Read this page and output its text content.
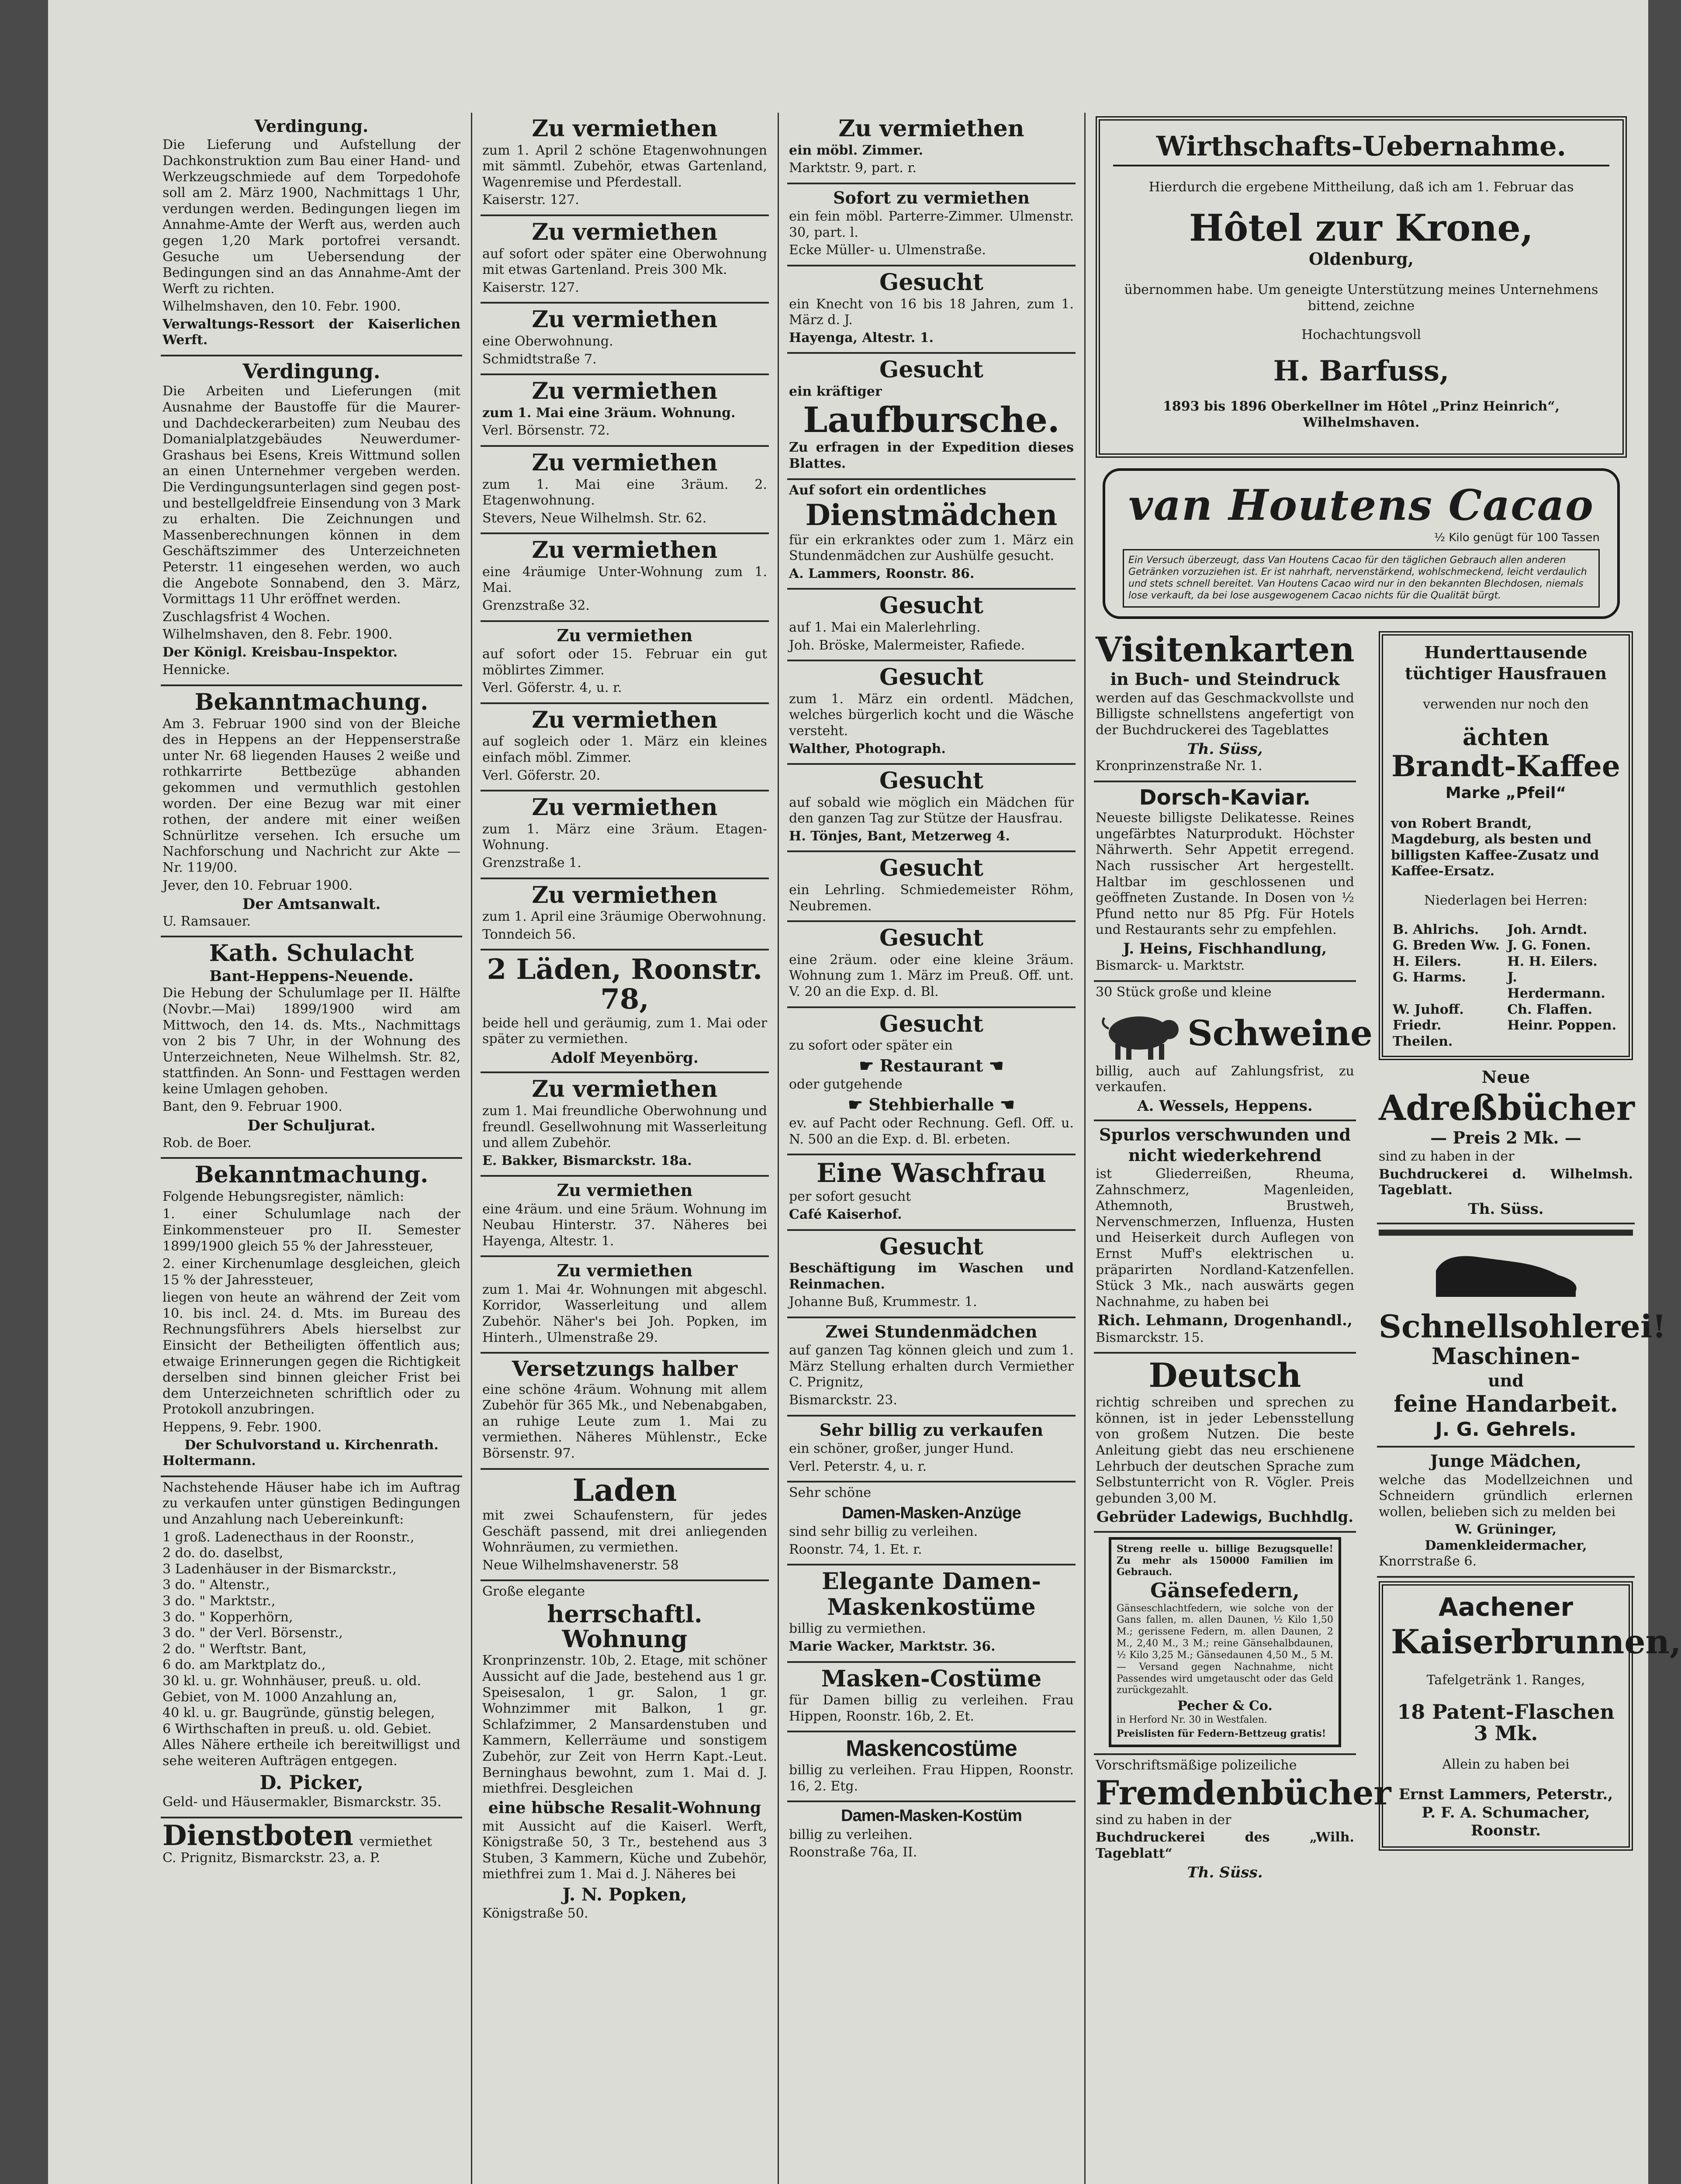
Verdingung.

Die Lieferung und Aufstellung der Dachkonstruktion zum Bau einer Hand- und Werkzeugschmiede auf dem Torpedohofe soll am 2. März 1900, Nachmittags 1 Uhr, verdungen werden. Bedingungen liegen im Annahme-Amte der Werft aus, werden auch gegen 1,20 Mark portofrei versandt. Gesuche um Uebersendung der Bedingungen sind an das Annahme-Amt der Werft zu richten.

Wilhelmshaven, den 10. Febr. 1900.

Verwaltungs-Ressort der Kaiserlichen Werft.

Verdingung.

Die Arbeiten und Lieferungen (mit Ausnahme der Baustoffe für die Maurer- und Dachdeckerarbeiten) zum Neubau des Domanialplatzgebäudes Neuwerdumer-Grashaus bei Esens, Kreis Wittmund sollen an einen Unternehmer vergeben werden. Die Verdingungsunterlagen sind gegen post- und bestellgeldfreie Einsendung von 3 Mark zu erhalten. Die Zeichnungen und Massenberechnungen können in dem Geschäftszimmer des Unterzeichneten Peterstr. 11 eingesehen werden, wo auch die Angebote Sonnabend, den 3. März, Vormittags 11 Uhr eröffnet werden.

Zuschlagsfrist 4 Wochen.

Wilhelmshaven, den 8. Febr. 1900.

Der Königl. Kreisbau-Inspektor.

Hennicke.

Bekanntmachung.

Am 3. Februar 1900 sind von der Bleiche des in Heppens an der Heppenserstraße unter Nr. 68 liegenden Hauses 2 weiße und rothkarrirte Bettbezüge abhanden gekommen und vermuthlich gestohlen worden. Der eine Bezug war mit einer rothen, der andere mit einer weißen Schnürlitze versehen. Ich ersuche um Nachforschung und Nachricht zur Akte — Nr. 119/00.

Jever, den 10. Februar 1900.

Der Amtsanwalt.

U. Ramsauer.

Kath. Schulacht
Bant-Heppens-Neuende.

Die Hebung der Schulumlage per II. Hälfte (Novbr.—Mai) 1899/1900 wird am Mittwoch, den 14. ds. Mts., Nachmittags von 2 bis 7 Uhr, in der Wohnung des Unterzeichneten, Neue Wilhelmsh. Str. 82, stattfinden. An Sonn- und Festtagen werden keine Umlagen gehoben.

Bant, den 9. Februar 1900.

Der Schuljurat.

Rob. de Boer.

Bekanntmachung.

Folgende Hebungsregister, nämlich:

1. einer Schulumlage nach der Einkommensteuer pro II. Semester 1899/1900 gleich 55 % der Jahressteuer,

2. einer Kirchenumlage desgleichen, gleich 15 % der Jahressteuer,

liegen von heute an während der Zeit vom 10. bis incl. 24. d. Mts. im Bureau des Rechnungsführers Abels hierselbst zur Einsicht der Betheiligten öffentlich aus; etwaige Erinnerungen gegen die Richtigkeit derselben sind binnen gleicher Frist bei dem Unterzeichneten schriftlich oder zu Protokoll anzubringen.

Heppens, 9. Febr. 1900.

Der Schulvorstand u. Kirchenrath.

Holtermann.

Nachstehende Häuser habe ich im Auftrag zu verkaufen unter günstigen Bedingungen und Anzahlung nach Uebereinkunft:

1 groß. Ladenecthaus in der Roonstr.,
2 do. do. daselbst,
3 Ladenhäuser in der Bismarckstr.,
3 do. " Altenstr.,
3 do. " Marktstr.,
3 do. " Kopperhörn,
3 do. " der Verl. Börsenstr.,
2 do. " Werftstr. Bant,
6 do. am Marktplatz do.,
30 kl. u. gr. Wohnhäuser, preuß. u. old. Gebiet, von M. 1000 Anzahlung an,
40 kl. u. gr. Baugründe, günstig belegen,
6 Wirthschaften in preuß. u. old. Gebiet.

Alles Nähere ertheile ich bereitwilligst und sehe weiteren Aufträgen entgegen.

D. Picker,

Geld- und Häusermakler, Bismarckstr. 35.

Dienstboten vermiethet

C. Prignitz, Bismarckstr. 23, a. P.

Zu vermiethen

zum 1. April 2 schöne Etagenwohnungen mit sämmtl. Zubehör, etwas Gartenland, Wagenremise und Pferdestall.

Kaiserstr. 127.

Zu vermiethen

auf sofort oder später eine Oberwohnung mit etwas Gartenland. Preis 300 Mk.

Kaiserstr. 127.

Zu vermiethen

eine Oberwohnung.

Schmidtstraße 7.

Zu vermiethen

zum 1. Mai eine 3räum. Wohnung.

Verl. Börsenstr. 72.

Zu vermiethen

zum 1. Mai eine 3räum. 2. Etagenwohnung.

Stevers, Neue Wilhelmsh. Str. 62.

Zu vermiethen

eine 4räumige Unter-Wohnung zum 1. Mai.

Grenzstraße 32.

Zu vermiethen

auf sofort oder 15. Februar ein gut möblirtes Zimmer.

Verl. Göferstr. 4, u. r.

Zu vermiethen

auf sogleich oder 1. März ein kleines einfach möbl. Zimmer.

Verl. Göferstr. 20.

Zu vermiethen

zum 1. März eine 3räum. Etagen-Wohnung.

Grenzstraße 1.

Zu vermiethen

zum 1. April eine 3räumige Oberwohnung.

Tonndeich 56.

2 Läden, Roonstr. 78,

beide hell und geräumig, zum 1. Mai oder später zu vermiethen.

Adolf Meyenbörg.
Zu vermiethen

zum 1. Mai freundliche Oberwohnung und freundl. Gesellwohnung mit Wasserleitung und allem Zubehör.

E. Bakker, Bismarckstr. 18a.

Zu vermiethen

eine 4räum. und eine 5räum. Wohnung im Neubau Hinterstr. 37. Näheres bei Hayenga, Altestr. 1.

Zu vermiethen

zum 1. Mai 4r. Wohnungen mit abgeschl. Korridor, Wasserleitung und allem Zubehör. Näher's bei Joh. Popken, im Hinterh., Ulmenstraße 29.

Versetzungs halber

eine schöne 4räum. Wohnung mit allem Zubehör für 365 Mk., und Nebenabgaben, an ruhige Leute zum 1. Mai zu vermiethen. Näheres Mühlenstr., Ecke Börsenstr. 97.

Laden

mit zwei Schaufenstern, für jedes Geschäft passend, mit drei anliegenden Wohnräumen, zu vermiethen.

Neue Wilhelmshavenerstr. 58

Große elegante

herrschaftl. Wohnung

Kronprinzenstr. 10b, 2. Etage, mit schöner Aussicht auf die Jade, bestehend aus 1 gr. Speisesalon, 1 gr. Salon, 1 gr. Wohnzimmer mit Balkon, 1 gr. Schlafzimmer, 2 Mansardenstuben und Kammern, Kellerräume und sonstigem Zubehör, zur Zeit von Herrn Kapt.-Leut. Berninghaus bewohnt, zum 1. Mai d. J. miethfrei. Desgleichen

eine hübsche Resalit-Wohnung

mit Aussicht auf die Kaiserl. Werft, Königstraße 50, 3 Tr., bestehend aus 3 Stuben, 3 Kammern, Küche und Zubehör, miethfrei zum 1. Mai d. J. Näheres bei

J. N. Popken,

Königstraße 50.

Zu vermiethen

ein möbl. Zimmer.

Marktstr. 9, part. r.

Sofort zu vermiethen

ein fein möbl. Parterre-Zimmer. Ulmenstr. 30, part. l.

Ecke Müller- u. Ulmenstraße.

Gesucht

ein Knecht von 16 bis 18 Jahren, zum 1. März d. J.

Hayenga, Altestr. 1.

Gesucht

ein kräftiger

Laufbursche.

Zu erfragen in der Expedition dieses Blattes.

Auf sofort ein ordentliches

Dienstmädchen

für ein erkranktes oder zum 1. März ein Stundenmädchen zur Aushülfe gesucht.

A. Lammers, Roonstr. 86.

Gesucht

auf 1. Mai ein Malerlehrling.

Joh. Bröske, Malermeister, Rafiede.

Gesucht

zum 1. März ein ordentl. Mädchen, welches bürgerlich kocht und die Wäsche versteht.

Walther, Photograph.

Gesucht

auf sobald wie möglich ein Mädchen für den ganzen Tag zur Stütze der Hausfrau.

H. Tönjes, Bant, Metzerweg 4.

Gesucht

ein Lehrling. Schmiedemeister Röhm, Neubremen.

Gesucht

eine 2räum. oder eine kleine 3räum. Wohnung zum 1. März im Preuß. Off. unt. V. 20 an die Exp. d. Bl.

Gesucht

zu sofort oder später ein

☛ Restaurant ☚

oder gutgehende

☛ Stehbierhalle ☚

ev. auf Pacht oder Rechnung. Gefl. Off. u. N. 500 an die Exp. d. Bl. erbeten.

Eine Waschfrau

per sofort gesucht

Café Kaiserhof.

Gesucht

Beschäftigung im Waschen und Reinmachen.

Johanne Buß, Krummestr. 1.

Zwei Stundenmädchen

auf ganzen Tag können gleich und zum 1. März Stellung erhalten durch Vermiether C. Prignitz,

Bismarckstr. 23.

Sehr billig zu verkaufen

ein schöner, großer, junger Hund.

Verl. Peterstr. 4, u. r.

Sehr schöne

Damen-Masken-Anzüge

sind sehr billig zu verleihen.

Roonstr. 74, 1. Et. r.

Elegante Damen-
Maskenkostüme

billig zu vermiethen.

Marie Wacker, Marktstr. 36.

Masken-Costüme

für Damen billig zu verleihen. Frau Hippen, Roonstr. 16b, 2. Et.

Maskencostüme

billig zu verleihen. Frau Hippen, Roonstr. 16, 2. Etg.

Damen-Masken-Kostüm

billig zu verleihen.

Roonstraße 76a, II.

Wirthschafts-Uebernahme.

Hierdurch die ergebene Mittheilung, daß ich am 1. Februar das

Hôtel zur Krone,
Oldenburg,

übernommen habe. Um geneigte Unterstützung meines Unternehmens bittend, zeichne

Hochachtungsvoll

H. Barfuss,

1893 bis 1896 Oberkellner im Hôtel „Prinz Heinrich“, Wilhelmshaven.

van Houtens Cacao
½ Kilo genügt für 100 Tassen
Ein Versuch überzeugt, dass Van Houtens Cacao für den täglichen Gebrauch allen anderen Getränken vorzuziehen ist. Er ist nahrhaft, nervenstärkend, wohlschmeckend, leicht verdaulich und stets schnell bereitet. Van Houtens Cacao wird nur in den bekannten Blechdosen, niemals lose verkauft, da bei lose ausgewogenem Cacao nichts für die Qualität bürgt.
Visitenkarten
in Buch- und Steindruck

werden auf das Geschmackvollste und Billigste schnellstens angefertigt von der Buchdruckerei des Tageblattes

Th. Süss,

Kronprinzenstraße Nr. 1.

Dorsch-Kaviar.

Neueste billigste Delikatesse. Reines ungefärbtes Naturprodukt. Höchster Nährwerth. Sehr Appetit erregend. Nach russischer Art hergestellt. Haltbar im geschlossenen und geöffneten Zustande. In Dosen von ½ Pfund netto nur 85 Pfg. Für Hotels und Restaurants sehr zu empfehlen.

J. Heins, Fischhandlung,

Bismarck- u. Marktstr.

30 Stück große und kleine

Schweine

billig, auch auf Zahlungsfrist, zu verkaufen.

A. Wessels, Heppens.
Spurlos verschwunden und nicht wiederkehrend

ist Gliederreißen, Rheuma, Zahnschmerz, Magenleiden, Athemnoth, Brustweh, Nervenschmerzen, Influenza, Husten und Heiserkeit durch Auflegen von Ernst Muff's elektrischen u. präparirten Nordland-Katzenfellen. Stück 3 Mk., nach auswärts gegen Nachnahme, zu haben bei

Rich. Lehmann, Drogenhandl.,

Bismarckstr. 15.

Deutsch

richtig schreiben und sprechen zu können, ist in jeder Lebensstellung von großem Nutzen. Die beste Anleitung giebt das neu erschienene Lehrbuch der deutschen Sprache zum Selbstunterricht von R. Vögler. Preis gebunden 3,00 M.

Gebrüder Ladewigs, Buchhdlg.

Streng reelle u. billige Bezugsquelle! Zu mehr als 150000 Familien im Gebrauch.

Gänsefedern,

Gänseschlachtfedern, wie solche von der Gans fallen, m. allen Daunen, ½ Kilo 1,50 M.; gerissene Federn, m. allen Daunen, 2 M., 2,40 M., 3 M.; reine Gänsehalbdaunen, ½ Kilo 3,25 M.; Gänsedaunen 4,50 M., 5 M. — Versand gegen Nachnahme, nicht Passendes wird umgetauscht oder das Geld zurückgezahlt.

Pecher & Co.

in Herford Nr. 30 in Westfalen.

Preislisten für Federn-Bettzeug gratis!

Vorschriftsmäßige polizeiliche

Fremdenbücher

sind zu haben in der

Buchdruckerei des „Wilh. Tageblatt“

Th. Süss.
Hunderttausende
tüchtiger Hausfrauen

verwenden nur noch den

ächten
Brandt-Kaffee
Marke „Pfeil“

von Robert Brandt, Magdeburg, als besten und billigsten Kaffee-Zusatz und Kaffee-Ersatz.

Niederlagen bei Herren:

B. Ahlrichs.	Joh. Arndt.
G. Breden Ww.	J. G. Fonen.
H. Eilers.	H. H. Eilers.
G. Harms.	J. Herdermann.
W. Juhoff.	Ch. Flaffen.
Friedr. Theilen.	Heinr. Poppen.
Neue
Adreßbücher
— Preis 2 Mk. —

sind zu haben in der

Buchdruckerei d. Wilhelmsh. Tageblatt.

Th. Süss.
Schnellsohlerei!
Maschinen-
und
feine Handarbeit.
J. G. Gehrels.
Junge Mädchen,

welche das Modellzeichnen und Schneidern gründlich erlernen wollen, belieben sich zu melden bei

W. Grüninger, Damenkleidermacher,

Knorrstraße 6.

Aachener
Kaiserbrunnen,

Tafelgetränk 1. Ranges,

18 Patent-Flaschen 3 Mk.

Allein zu haben bei

Ernst Lammers, Peterstr.,
P. F. A. Schumacher, Roonstr.
